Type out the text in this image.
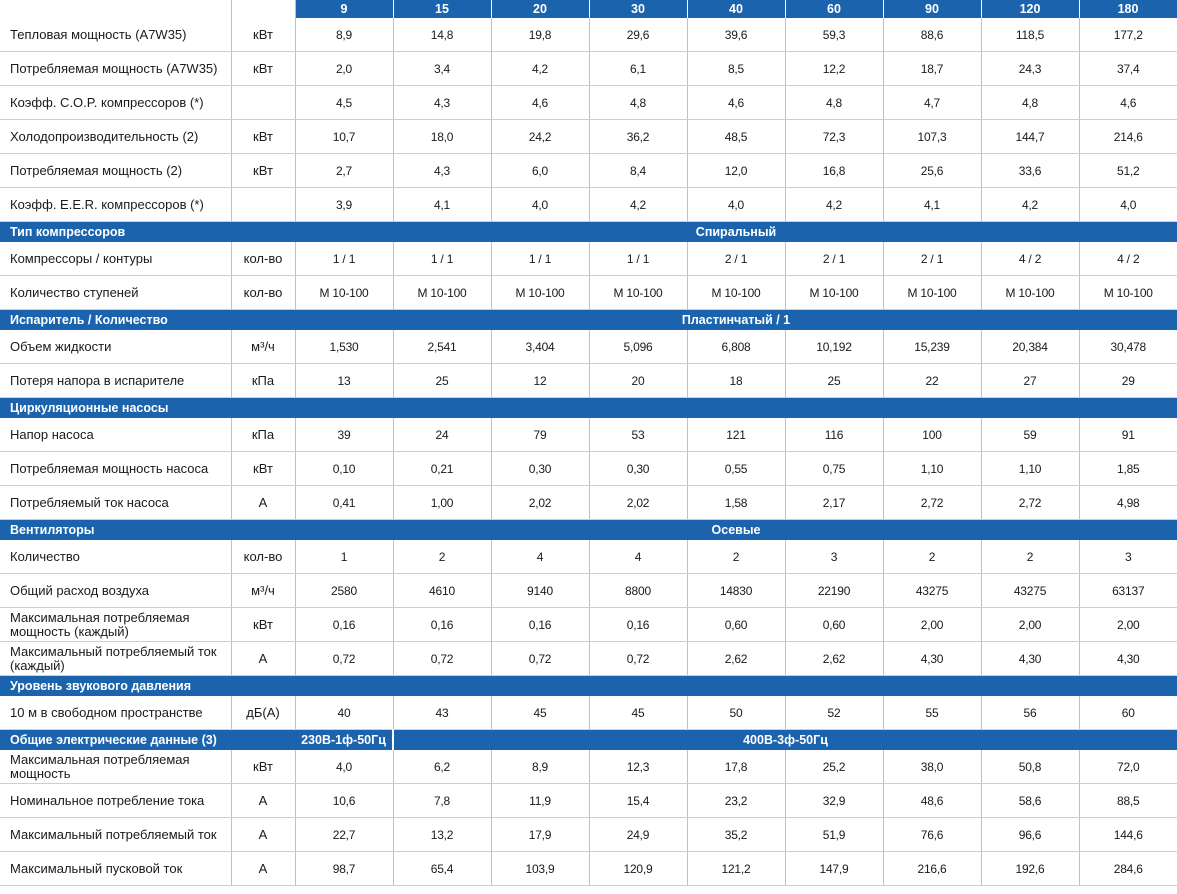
		9	15	20	30	40	60	90	120	180
Тепловая мощность (A7W35)	кВт	8,9	14,8	19,8	29,6	39,6	59,3	88,6	118,5	177,2
Потребляемая мощность (A7W35)	кВт	2,0	3,4	4,2	6,1	8,5	12,2	18,7	24,3	37,4
Коэфф. C.O.P. компрессоров (*)		4,5	4,3	4,6	4,8	4,6	4,8	4,7	4,8	4,6
Холодопроизводительность (2)	кВт	10,7	18,0	24,2	36,2	48,5	72,3	107,3	144,7	214,6
Потребляемая мощность (2)	кВт	2,7	4,3	6,0	8,4	12,0	16,8	25,6	33,6	51,2
Коэфф. E.E.R. компрессоров (*)		3,9	4,1	4,0	4,2	4,0	4,2	4,1	4,2	4,0
Тип компрессоров		Спиральный								
Компрессоры / контуры	кол-во	1 / 1	1 / 1	1 / 1	1 / 1	2 / 1	2 / 1	2 / 1	4 / 2	4 / 2
Количество ступеней	кол-во	M 10-100	M 10-100	M 10-100	M 10-100	M 10-100	M 10-100	M 10-100	M 10-100	M 10-100
Испаритель / Количество		Пластинчатый / 1								
Объем жидкости	м³/ч	1,530	2,541	3,404	5,096	6,808	10,192	15,239	20,384	30,478
Потеря напора в испарителе	кПа	13	25	12	20	18	25	22	27	29
Циркуляционные насосы										
Напор насоса	кПа	39	24	79	53	121	116	100	59	91
Потребляемая мощность насоса	кВт	0,10	0,21	0,30	0,30	0,55	0,75	1,10	1,10	1,85
Потребляемый ток насоса	A	0,41	1,00	2,02	2,02	1,58	2,17	2,72	2,72	4,98
Вентиляторы		Осевые								
Количество	кол-во	1	2	4	4	2	3	2	2	3
Общий расход воздуха	м³/ч	2580	4610	9140	8800	14830	22190	43275	43275	63137
Максимальная потребляемая мощность (каждый)	кВт	0,16	0,16	0,16	0,16	0,60	0,60	2,00	2,00	2,00
Максимальный потребляемый ток (каждый)	A	0,72	0,72	0,72	0,72	2,62	2,62	4,30	4,30	4,30
Уровень звукового давления										
10 м в свободном пространстве	дБ(А)	40	43	45	45	50	52	55	56	60
Общие электрические данные (3)		230В-1ф-50Гц	400В-3ф-50Гц							
Максимальная потребляемая мощность	кВт	4,0	6,2	8,9	12,3	17,8	25,2	38,0	50,8	72,0
Номинальное потребление тока	A	10,6	7,8	11,9	15,4	23,2	32,9	48,6	58,6	88,5
Максимальный потребляемый ток	A	22,7	13,2	17,9	24,9	35,2	51,9	76,6	96,6	144,6
Максимальный пусковой ток	A	98,7	65,4	103,9	120,9	121,2	147,9	216,6	192,6	284,6
